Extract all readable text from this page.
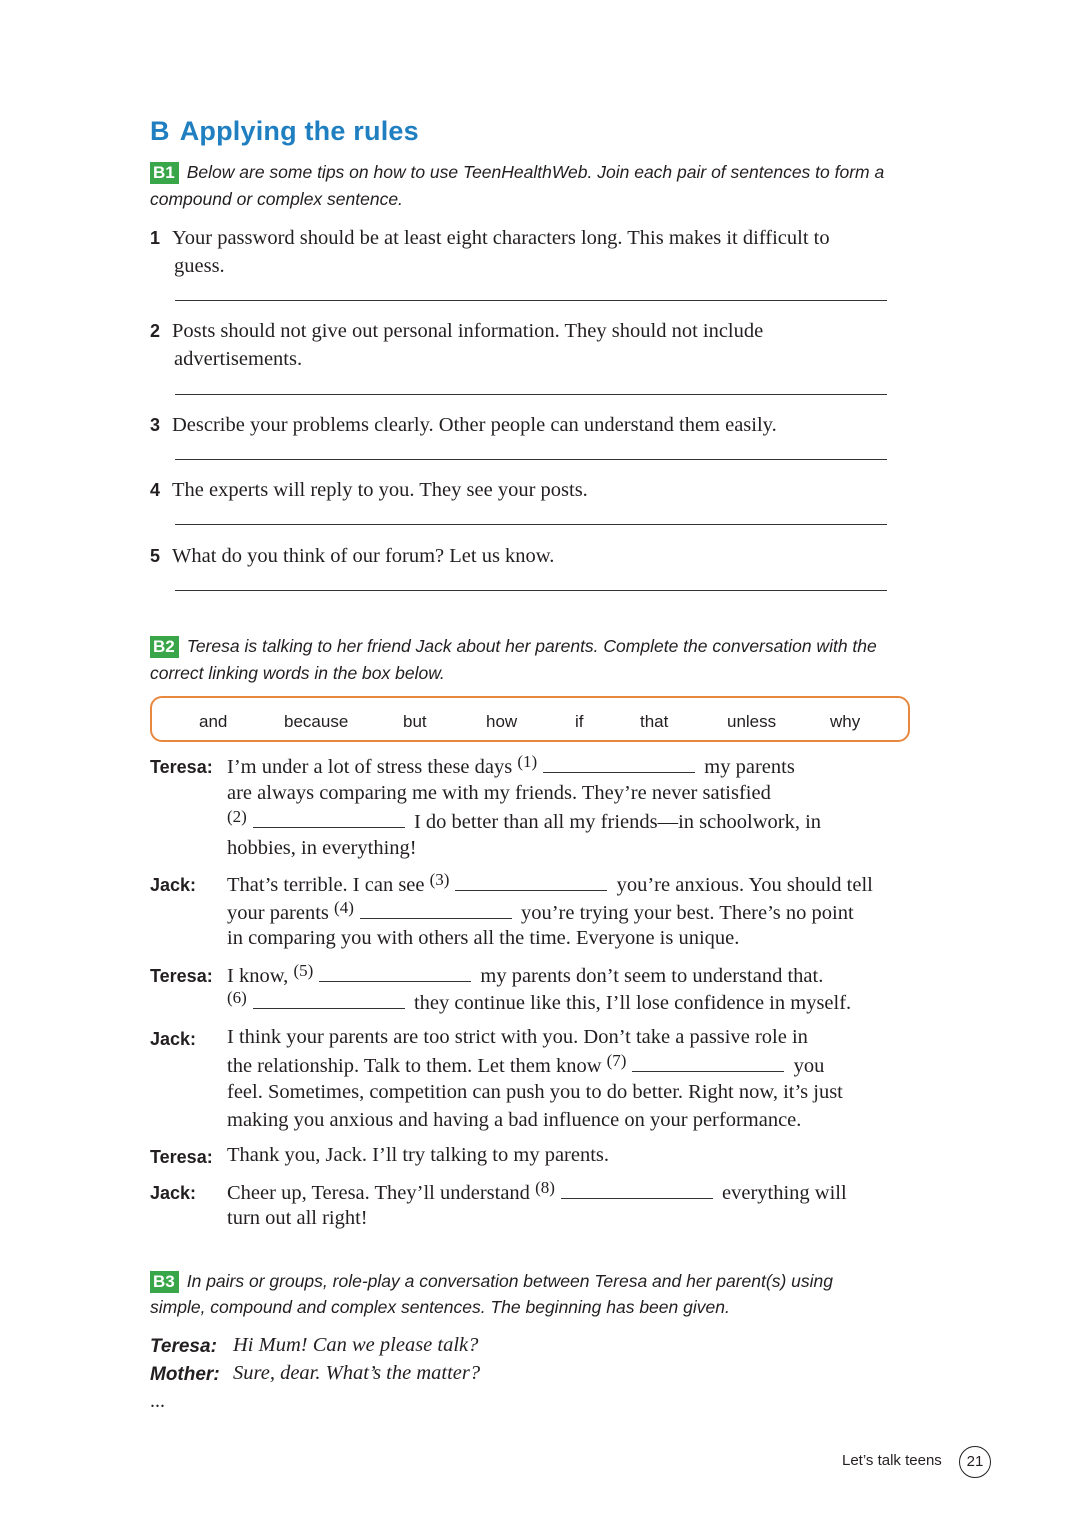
B Applying the rules
B1 Below are some tips on how to use TeenHealthWeb. Join each pair of sentences to form a
compound or complex sentence.
1 Your password should be at least eight characters long. This makes it difficult to
guess.
2 Posts should not give out personal information. They should not include
advertisements.
3 Describe your problems clearly. Other people can understand them easily.
4 The experts will reply to you. They see your posts.
5 What do you think of our forum? Let us know.
B2 Teresa is talking to her friend Jack about her parents. Complete the conversation with the
correct linking words in the box below.
and	because	but	how	if	that	unless	why
Teresa: I’m under a lot of stress these days $^{(1)}$	my parents
are always comparing me with my friends. They’re never satisfied
$^{(2)}$	I do better than all my friends—in schoolwork, in
hobbies, in everything!
Jack: That’s terrible. I can see $^{(3)}$	you’re anxious. You should tell
your parents $^{(4)}$	you’re trying your best. There’s no point
in comparing you with others all the time. Everyone is unique.
Teresa: I know, $^{(5)}$	my parents don’t seem to understand that.
$^{(6)}$	they continue like this, I’ll lose confidence in myself.
Jack: I think your parents are too strict with you. Don’t take a passive role in
the relationship. Talk to them. Let them know $^{(7)}$	you
feel. Sometimes, competition can push you to do better. Right now, it’s just
making you anxious and having a bad influence on your performance.
Teresa: Thank you, Jack. I’ll try talking to my parents.
Jack: Cheer up, Teresa. They’ll understand $^{(8)}$	everything will
turn out all right!
B3 In pairs or groups, role-play a conversation between Teresa and her parent(s) using
simple, compound and complex sentences. The beginning has been given.
Teresa: Hi Mum! Can we please talk?
Mother: Sure, dear. What’s the matter?
...
Let’s talk teens	21
